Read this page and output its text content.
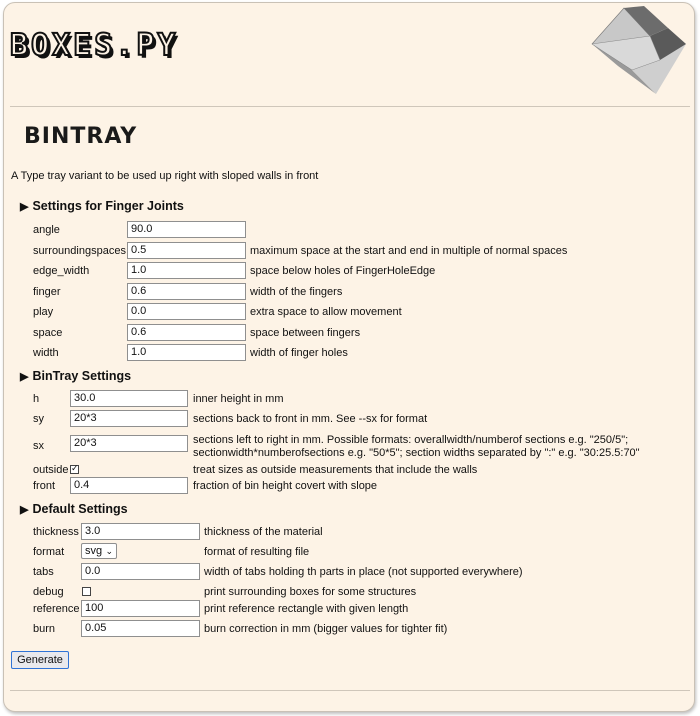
BOXES.PY
BINTRAY
A Type tray variant to be used up right with sloped walls in front
▶ Settings for Finger Joints
angle	90.0
surroundingspaces 0.5	maximum space at the start and end in multiple of normal spaces
edge_width	1.0	space below holes of FingerHoleEdge
finger	0.6	width of the fingers
play	0.0	extra space to allow movement
space	0.6	space between fingers
width	1.0	width of finger holes
▶ BinTray Settings
h	30.0	inner height in mm
sy	20*3	sections back to front in mm. See --sx for format
sx	20*3	sections left to right in mm. Possible formats: overallwidth/numberof sections e.g. "250/5";
sectionwidth*numberofsections e.g. "50*5"; section widths separated by ":" e.g. "30:25.5:70"
outside
✓	treat sizes as outside measurements that include the walls
front	0.4	fraction of bin height covert with slope
▶ Default Settings
thickness 3.0	thickness of the material
format	svg ⌄	format of resulting file
tabs	0.0	width of tabs holding th parts in place (not supported everywhere)
debug	print surrounding boxes for some structures
reference 100	print reference rectangle with given length
burn	0.05	burn correction in mm (bigger values for tighter fit)
Generate
